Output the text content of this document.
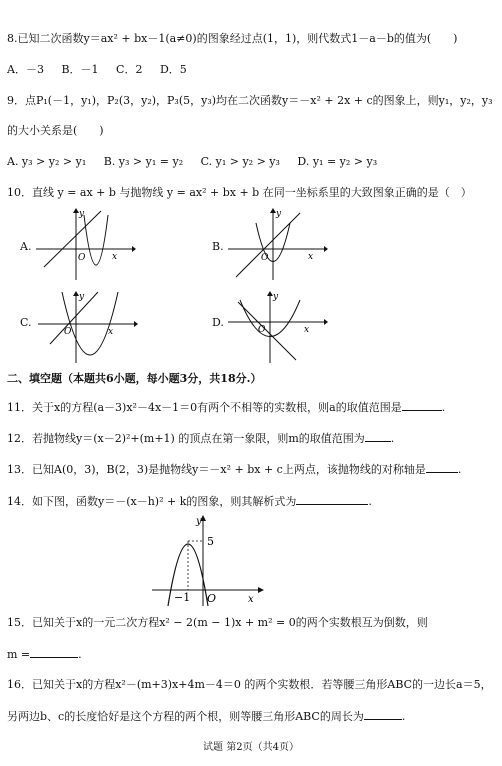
8.已知二次函数y＝ax² + bx－1(a≠0)的图象经过点(1，1)，则代数式1－a－b的值为(　　)
A．－3 B．－1 C．2 D．5
9．点P₁(－1，y₁)，P₂(3，y₂)，P₃(5，y₃)均在二次函数y＝－x² + 2x + c的图象上，则y₁，y₂，y₃
的大小关系是(　　)
A. y₃ > y₂ > y₁ B. y₃ > y₁ = y₂ C. y₁ > y₂ > y₃ D. y₁ = y₂ > y₃
10．直线 y = ax + b 与抛物线 y = ax² + bx + b 在同一坐标系里的大致图象正确的是（　）
A.
y
O	x
B.
y
O	x
C.
y
O	x
D.
y
O	x
二、填空题（本题共6小题，每小题3分，共18分.）
11．关于x的方程(a－3)x²－4x－1＝0有两个不相等的实数根，则a的取值范围是	.
12．若抛物线y＝(x－2)²+(m+1) 的顶点在第一象限，则m的取值范围为 .
13．已知A(0，3)，B(2，3)是抛物线y＝－x² + bx + c上两点，该抛物线的对称轴是	.
14．如下图，函数y＝－(x－h)² + k的图象，则其解析式为	.
y
5
−1 O	x
15．已知关于x的一元二次方程x² − 2(m − 1)x + m² = 0的两个实数根互为倒数，则
m =	.
16．已知关于x的方程x²－(m+3)x+4m－4＝0 的两个实数根．若等腰三角形ABC的一边长a＝5，
另两边b、c的长度恰好是这个方程的两个根，则等腰三角形ABC的周长为	.
试题 第2页（共4页）
